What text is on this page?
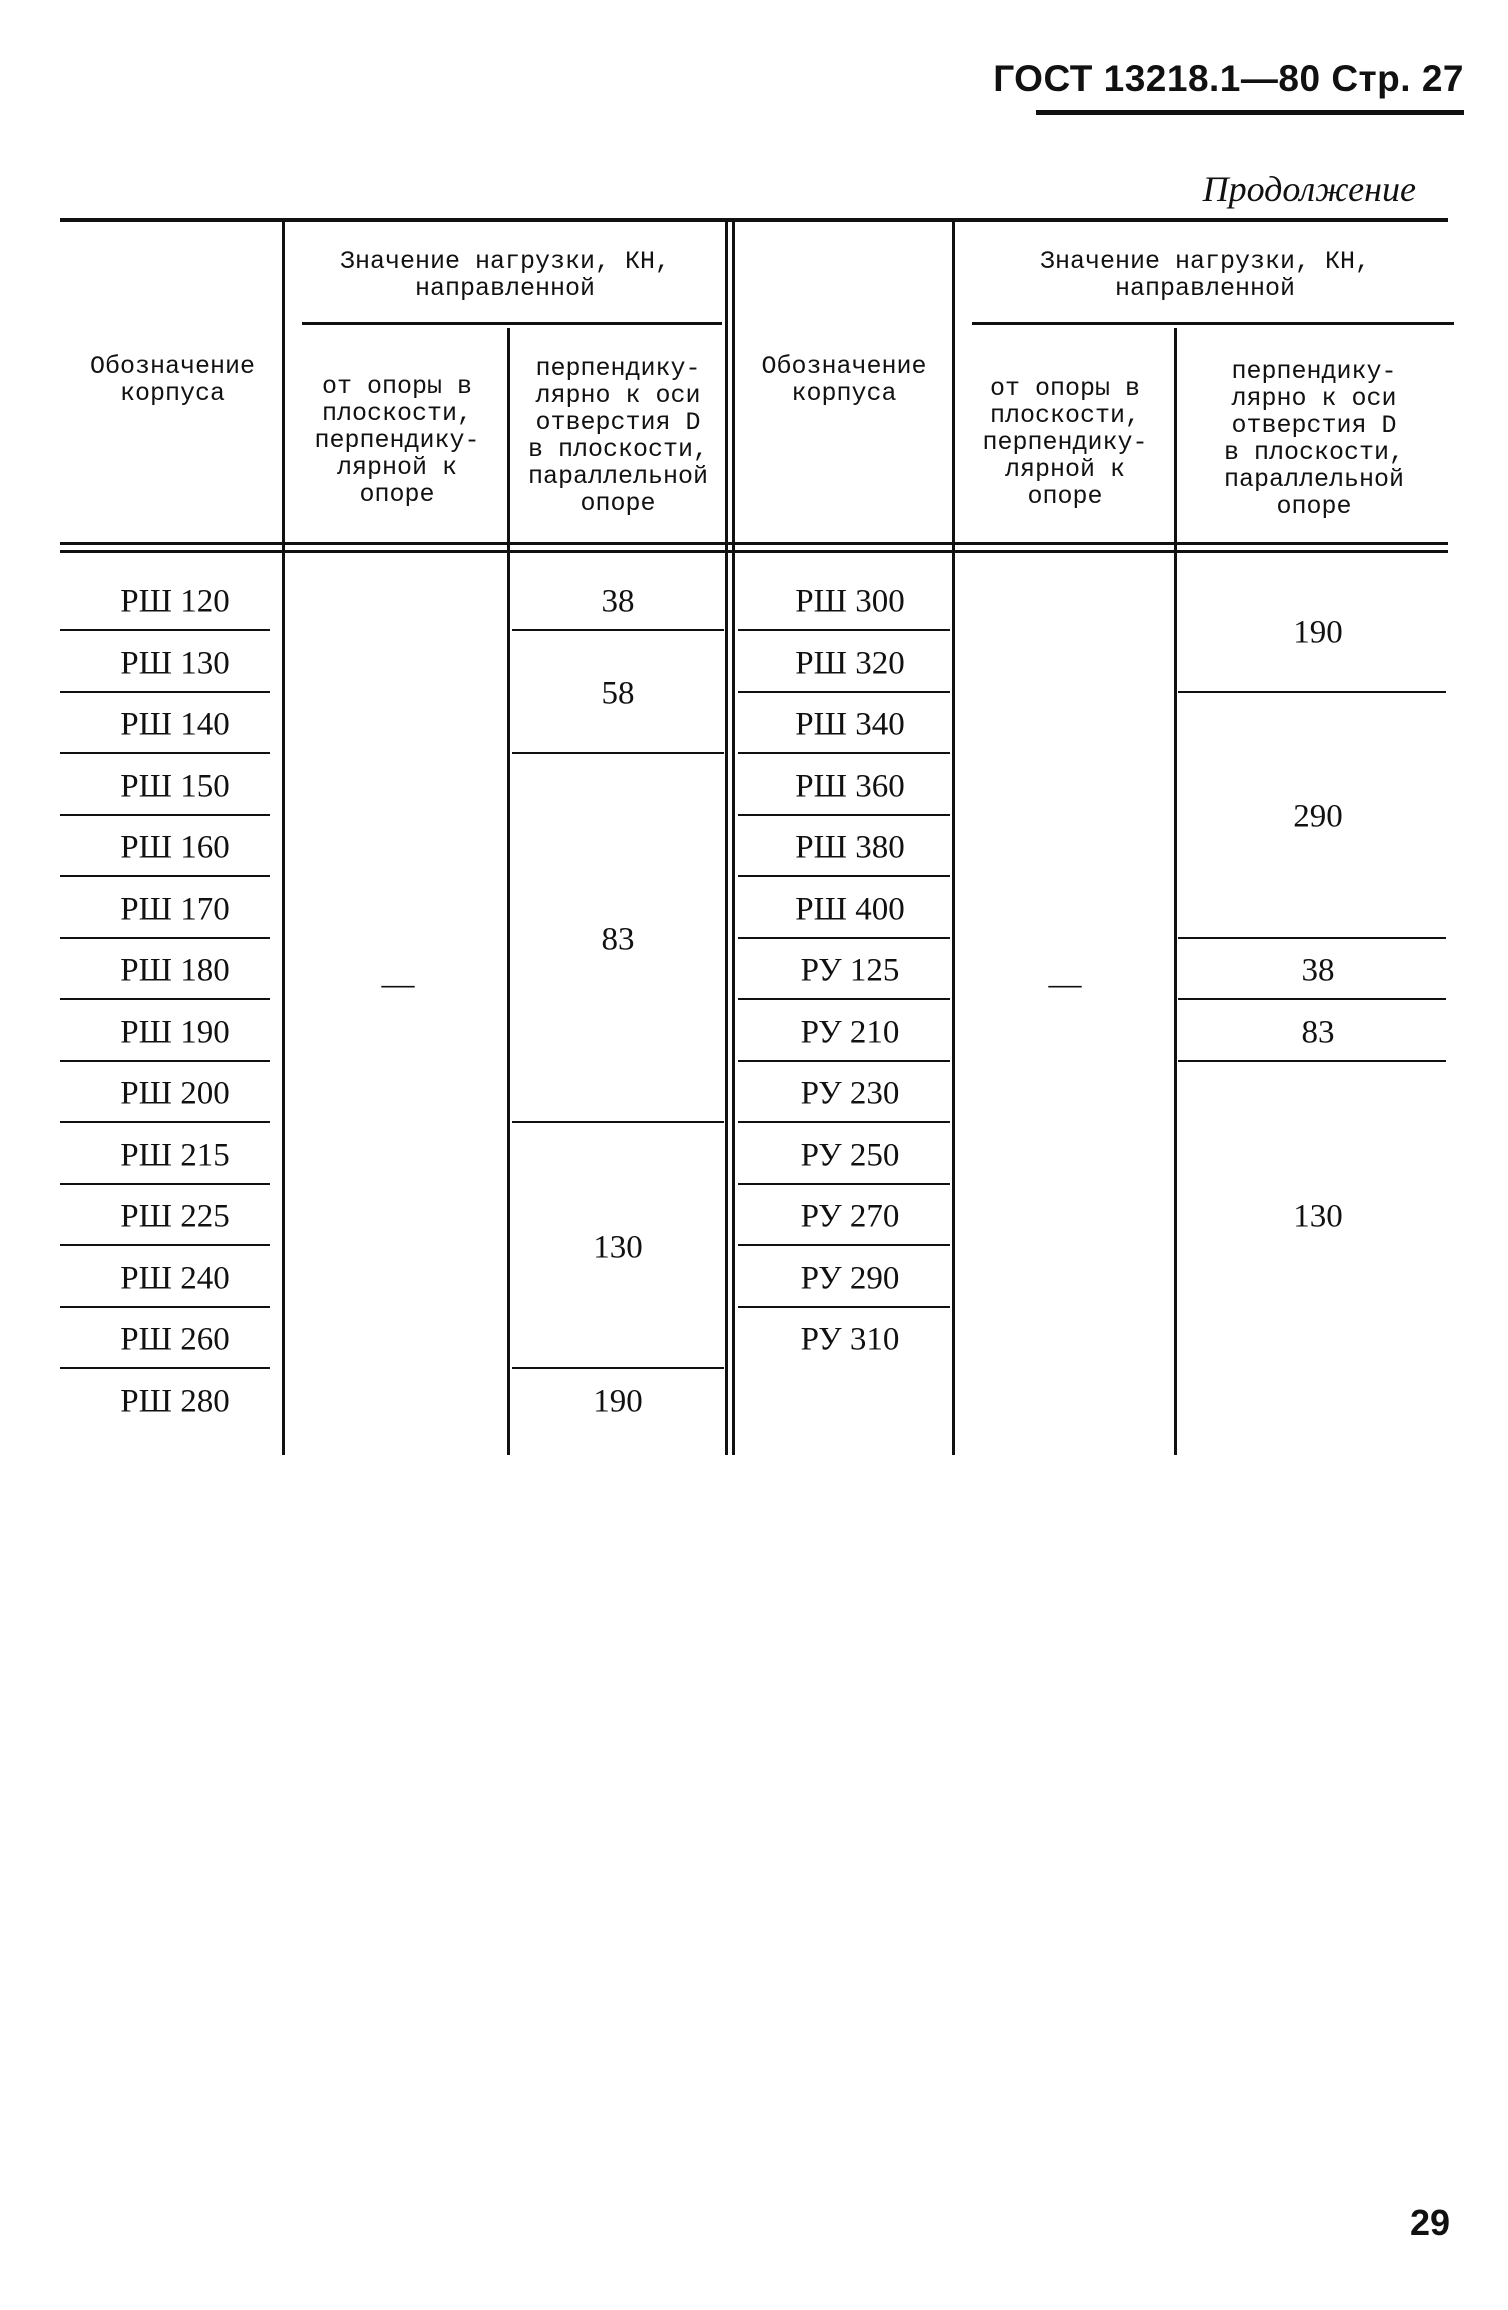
ГОСТ 13218.1—80 Стр. 27
Продолжение
Обозначение
корпуса
Значение нагрузки, КН,
направленной
от опоры в
плоскости,
перпендику-
лярной к
опоре
перпендику-
лярно к оси
отверстия D
в плоскости,
параллельной
опоре
Обозначение
корпуса
Значение нагрузки, КН,
направленной
от опоры в
плоскости,
перпендику-
лярной к
опоре
перпендику-
лярно к оси
отверстия D
в плоскости,
параллельной
опоре
РШ 120
РШ 130
РШ 140
РШ 150
РШ 160
РШ 170
РШ 180
РШ 190
РШ 200
РШ 215
РШ 225
РШ 240
РШ 260
РШ 280
—
38
58
83
130
190
РШ 300
РШ 320
РШ 340
РШ 360
РШ 380
РШ 400
РУ 125
РУ 210
РУ 230
РУ 250
РУ 270
РУ 290
РУ 310
—
190
290
38
83
130
29
